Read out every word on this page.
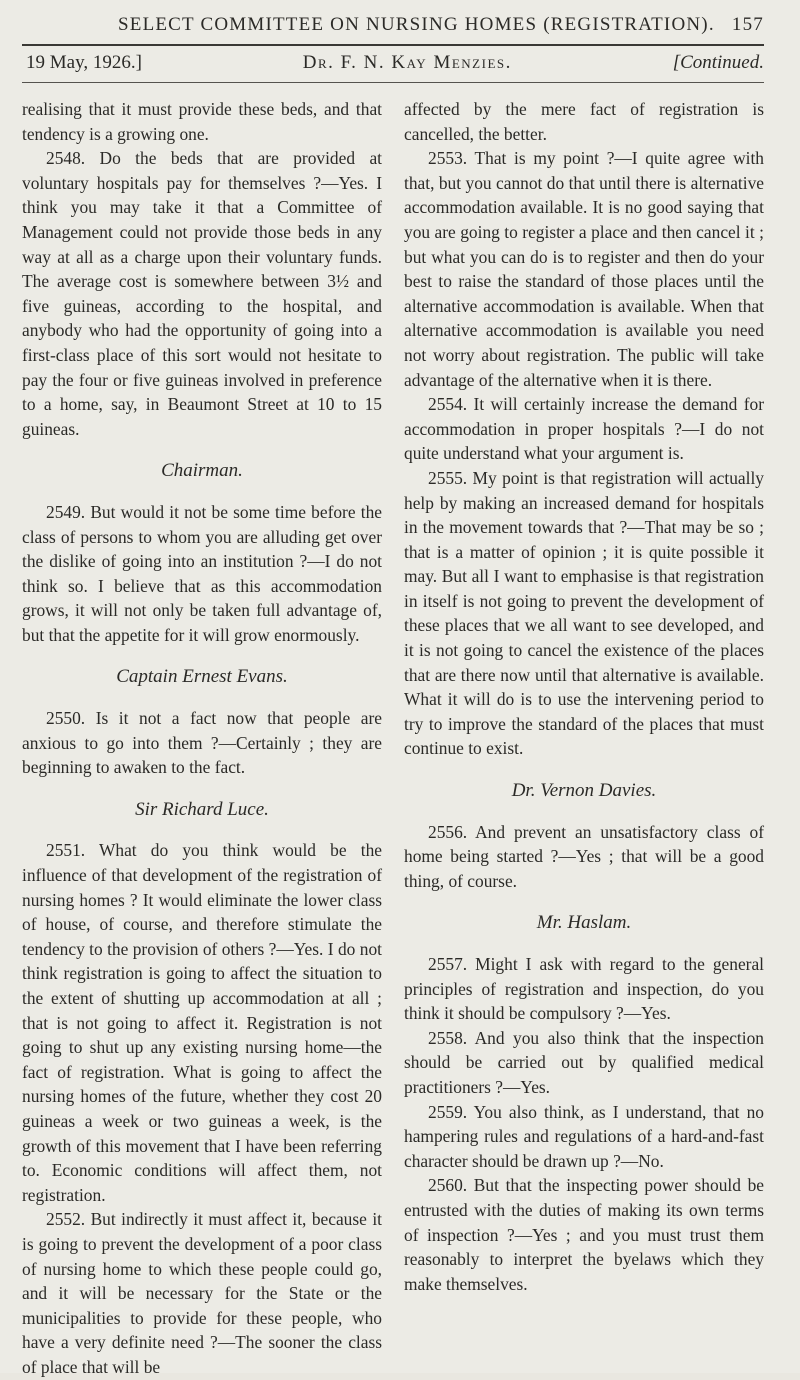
SELECT COMMITTEE ON NURSING HOMES (REGISTRATION). 157
19 May, 1926.]	Dr. F. N. Kay Menzies.	[Continued.

realising that it must provide these beds, and that tendency is a growing one.

2548. Do the beds that are provided at voluntary hospitals pay for themselves ?—Yes. I think you may take it that a Committee of Management could not provide those beds in any way at all as a charge upon their voluntary funds. The average cost is somewhere between 3½ and five guineas, according to the hospital, and anybody who had the opportunity of going into a first-class place of this sort would not hesitate to pay the four or five guineas involved in preference to a home, say, in Beaumont Street at 10 to 15 guineas.

Chairman.

2549. But would it not be some time before the class of persons to whom you are alluding get over the dislike of going into an institution ?—I do not think so. I believe that as this accommodation grows, it will not only be taken full advantage of, but that the appetite for it will grow enormously.

Captain Ernest Evans.

2550. Is it not a fact now that people are anxious to go into them ?—Certainly ; they are beginning to awaken to the fact.

Sir Richard Luce.

2551. What do you think would be the influence of that development of the registration of nursing homes ? It would eliminate the lower class of house, of course, and therefore stimulate the tendency to the provision of others ?—Yes. I do not think registration is going to affect the situation to the extent of shutting up accommodation at all ; that is not going to affect it. Registration is not going to shut up any existing nursing home—the fact of registration. What is going to affect the nursing homes of the future, whether they cost 20 guineas a week or two guineas a week, is the growth of this movement that I have been referring to. Economic conditions will affect them, not registration.

2552. But indirectly it must affect it, because it is going to prevent the development of a poor class of nursing home to which these people could go, and it will be necessary for the State or the municipalities to provide for these people, who have a very definite need ?—The sooner the class of place that will be

affected by the mere fact of registration is cancelled, the better.

2553. That is my point ?—I quite agree with that, but you cannot do that until there is alternative accommodation available. It is no good saying that you are going to register a place and then cancel it ; but what you can do is to register and then do your best to raise the standard of those places until the alternative accommodation is available. When that alternative accommodation is available you need not worry about registration. The public will take advantage of the alternative when it is there.

2554. It will certainly increase the demand for accommodation in proper hospitals ?—I do not quite understand what your argument is.

2555. My point is that registration will actually help by making an increased demand for hospitals in the movement towards that ?—That may be so ; that is a matter of opinion ; it is quite possible it may. But all I want to emphasise is that registration in itself is not going to prevent the development of these places that we all want to see developed, and it is not going to cancel the existence of the places that are there now until that alternative is available. What it will do is to use the intervening period to try to improve the standard of the places that must continue to exist.

Dr. Vernon Davies.

2556. And prevent an unsatisfactory class of home being started ?—Yes ; that will be a good thing, of course.

Mr. Haslam.

2557. Might I ask with regard to the general principles of registration and inspection, do you think it should be compulsory ?—Yes.

2558. And you also think that the inspection should be carried out by qualified medical practitioners ?—Yes.

2559. You also think, as I understand, that no hampering rules and regulations of a hard-and-fast character should be drawn up ?—No.

2560. But that the inspecting power should be entrusted with the duties of making its own terms of inspection ?—Yes ; and you must trust them reasonably to interpret the byelaws which they make themselves.
